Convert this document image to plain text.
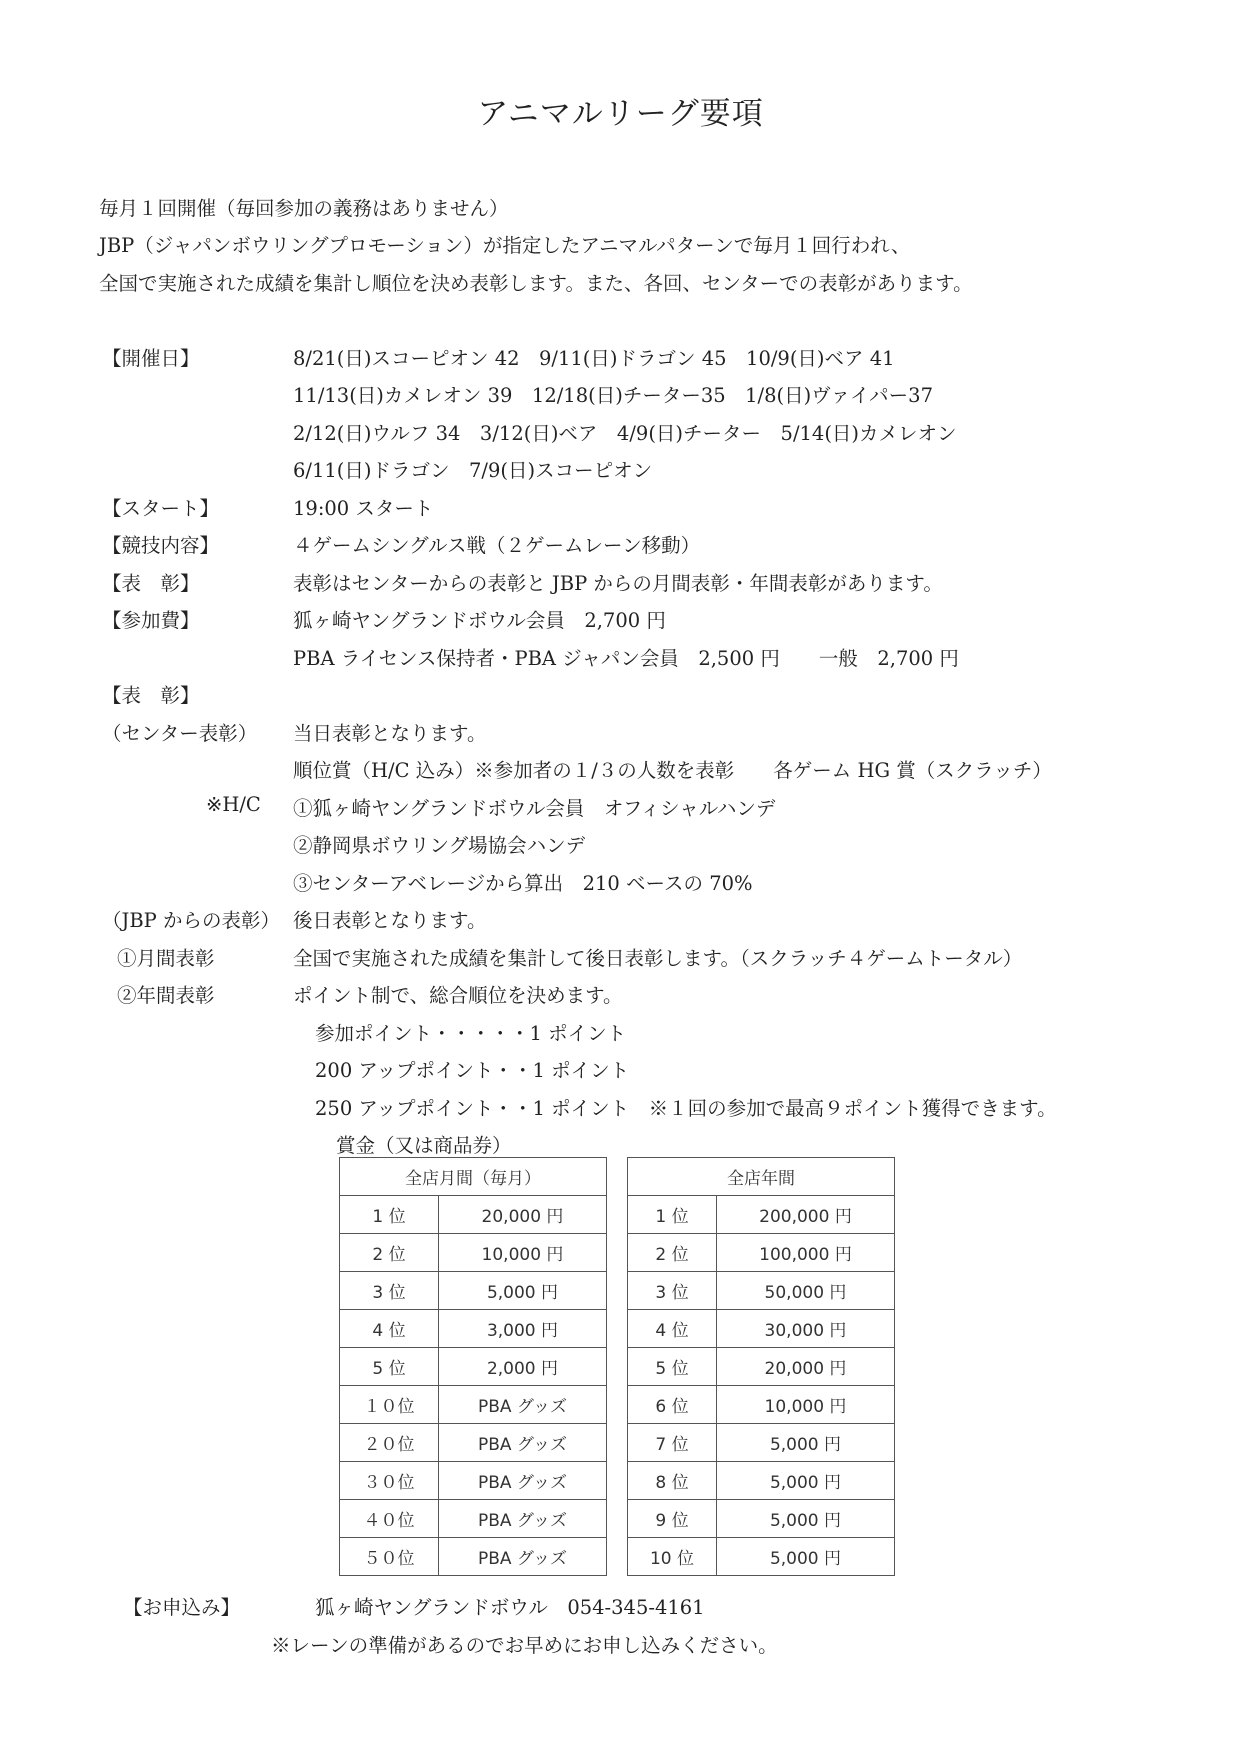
アニマルリーグ要項
毎月１回開催（毎回参加の義務はありません）
JBP（ジャパンボウリングプロモーション）が指定したアニマルパターンで毎月１回行われ、
全国で実施された成績を集計し順位を決め表彰します。また、各回、センターでの表彰があります。
【開催日】	8/21(日)スコーピオン 42　9/11(日)ドラゴン 45　10/9(日)ベア 41
11/13(日)カメレオン 39　12/18(日)チーター35　1/8(日)ヴァイパー37
2/12(日)ウルフ 34　3/12(日)ベア　4/9(日)チーター　5/14(日)カメレオン
6/11(日)ドラゴン　7/9(日)スコーピオン
【スタート】	19:00 スタート
【競技内容】	４ゲームシングルス戦（２ゲームレーン移動）
【表　彰】	表彰はセンターからの表彰と JBP からの月間表彰・年間表彰があります。
【参加費】	狐ヶ崎ヤングランドボウル会員　2,700 円
PBA ライセンス保持者・PBA ジャパン会員　2,500 円　　一般　2,700 円
【表　彰】
（センター表彰） 当日表彰となります。
順位賞（H/C 込み）※参加者の１/３の人数を表彰　　各ゲーム HG 賞（スクラッチ）
※H/C ①狐ヶ崎ヤングランドボウル会員　オフィシャルハンデ
②静岡県ボウリング場協会ハンデ
③センターアベレージから算出　210 ベースの 70%
（JBP からの表彰） 後日表彰となります。
①月間表彰	全国で実施された成績を集計して後日表彰します。（スクラッチ４ゲームトータル）
②年間表彰	ポイント制で、総合順位を決めます。
参加ポイント・・・・・1 ポイント
200 アップポイント・・1 ポイント
250 アップポイント・・1 ポイント　※１回の参加で最高９ポイント獲得できます。
賞金（又は商品券）
全店月間（毎月）	
1 位	20,000 円
2 位	10,000 円
3 位	5,000 円
4 位	3,000 円
5 位	2,000 円
１０位	PBA グッズ
２０位	PBA グッズ
３０位	PBA グッズ
４０位	PBA グッズ
５０位	PBA グッズ
全店年間	
1 位	200,000 円
2 位	100,000 円
3 位	50,000 円
4 位	30,000 円
5 位	20,000 円
6 位	10,000 円
7 位	5,000 円
8 位	5,000 円
9 位	5,000 円
10 位	5,000 円
【お申込み】	狐ヶ崎ヤングランドボウル　054-345-4161
※レーンの準備があるのでお早めにお申し込みください。
